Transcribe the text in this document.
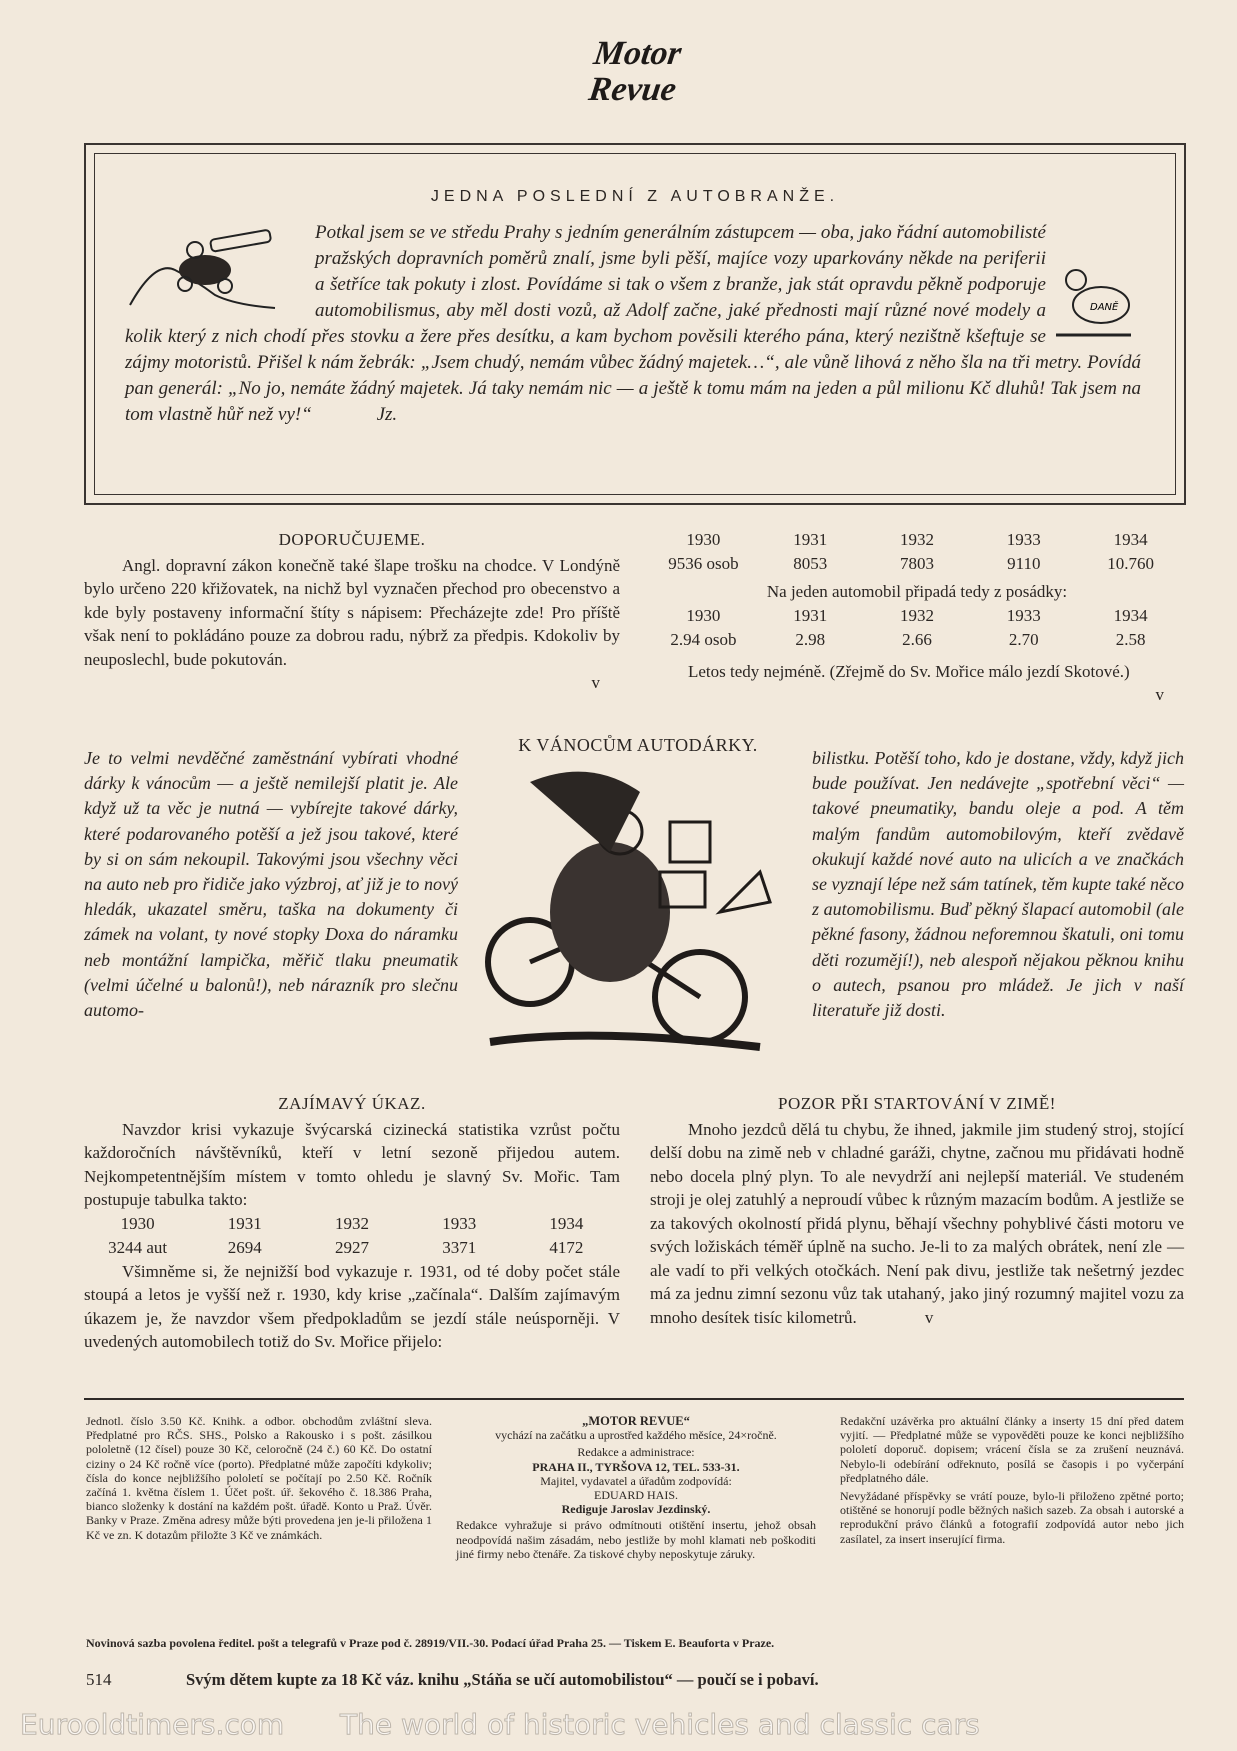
Motor
Revue
JEDNA POSLEDNÍ Z AUTOBRANŽE.
DANĚ
Potkal jsem se ve středu Prahy s jedním generálním zástupcem — oba, jako řádní automobilisté pražských dopravních poměrů znalí, jsme byli pěší, majíce vozy uparkovány někde na periferii a šetříce tak pokuty i zlost. Povídáme si tak o všem z branže, jak stát opravdu pěkně podporuje automobilismus, aby měl dosti vozů, až Adolf začne, jaké přednosti mají různé nové modely a kolik který z nich chodí přes stovku a žere přes desítku, a kam bychom pověsili kterého pána, který nezištně kšeftuje se zájmy motoristů. Přišel k nám žebrák: „Jsem chudý, nemám vůbec žádný majetek…“, ale vůně lihová z něho šla na tři metry. Povídá pan generál: „No jo, nemáte žádný majetek. Já taky nemám nic — a ještě k tomu mám na jeden a půl milionu Kč dluhů! Tak jsem na tom vlastně hůř než vy!“	Jz.
DOPORUČUJEME.

Angl. dopravní zákon konečně také šlape trošku na chodce. V Londýně bylo určeno 220 křižovatek, na nichž byl vyznačen přechod pro obecenstvo a kde byly postaveny informační štíty s nápisem: Přecházejte zde! Pro příště však není to pokládáno pouze za dobrou radu, nýbrž za předpis. Kdokoliv by neuposlechl, bude pokutován.

v
1930	1931	1932	1933	1934
9536 osob	8053	7803	9110	10.760
Na jeden automobil připadá tedy z posádky:
1930	1931	1932	1933	1934
2.94 osob	2.98	2.66	2.70	2.58

Letos tedy nejméně. (Zřejmě do Sv. Mořice málo jezdí Skotové.)

v
Je to velmi nevděčné zaměstnání vybírati vhodné dárky k vánocům — a ještě nemilejší platit je. Ale když už ta věc je nutná — vybírejte takové dárky, které podarovaného potěší a jež jsou takové, které by si on sám nekoupil. Takovými jsou všechny věci na auto neb pro řidiče jako výzbroj, ať již je to nový hledák, ukazatel směru, taška na dokumenty či zámek na volant, ty nové stopky Doxa do náramku neb montážní lampička, měřič tlaku pneumatik (velmi účelné u balonů!), neb nárazník pro slečnu automo-
K VÁNOCŮM AUTODÁRKY.
bilistku. Potěší toho, kdo je dostane, vždy, když jich bude používat. Jen nedávejte „spotřební věci“ — takové pneumatiky, bandu oleje a pod. A těm malým fandům automobilovým, kteří zvědavě okukují každé nové auto na ulicích a ve značkách se vyznají lépe než sám tatínek, těm kupte také něco z automobilismu. Buď pěkný šlapací automobil (ale pěkné fasony, žádnou neforemnou škatuli, oni tomu děti rozumějí!), neb alespoň nějakou pěknou knihu o autech, psanou pro mládež. Je jich v naší literatuře již dosti.
ZAJÍMAVÝ ÚKAZ.

Navzdor krisi vykazuje švýcarská cizinecká statistika vzrůst počtu každoročních návštěvníků, kteří v letní sezoně přijedou autem. Nejkompetentnějším místem v tomto ohledu je slavný Sv. Mořic. Tam postupuje tabulka takto:

1930	1931	1932	1933	1934
3244 aut	2694	2927	3371	4172

Všimněme si, že nejnižší bod vykazuje r. 1931, od té doby počet stále stoupá a letos je vyšší než r. 1930, kdy krise „začínala“. Dalším zajímavým úkazem je, že navzdor všem předpokladům se jezdí stále neúsporněji. V uvedených automobilech totiž do Sv. Mořice přijelo:

POZOR PŘI STARTOVÁNÍ V ZIMĚ!

Mnoho jezdců dělá tu chybu, že ihned, jakmile jim studený stroj, stojící delší dobu na zimě neb v chladné garáži, chytne, začnou mu přidávati hodně nebo docela plný plyn. To ale nevydrží ani nejlepší materiál. Ve studeném stroji je olej zatuhlý a neproudí vůbec k různým mazacím bodům. A jestliže se za takových okolností přidá plynu, běhají všechny pohyblivé části motoru ve svých ložiskách téměř úplně na sucho. Je-li to za malých obrátek, není zle — ale vadí to při velkých otočkách. Není pak divu, jestliže tak nešetrný jezdec má za jednu zimní sezonu vůz tak utahaný, jako jiný rozumný majitel vozu za mnoho desítek tisíc kilometrů.	v

Jednotl. číslo 3.50 Kč. Knihk. a odbor. obchodům zvláštní sleva. Předplatné pro RČS. SHS., Polsko a Rakousko i s pošt. zásilkou pololetně (12 čísel) pouze 30 Kč, celoročně (24 č.) 60 Kč. Do ostatní ciziny o 24 Kč ročně více (porto). Předplatné může započíti kdykoliv; čísla do konce nejbližšího pololetí se počítají po 2.50 Kč. Ročník začíná 1. května číslem 1. Účet pošt. úř. šekového č. 18.386 Praha, bianco složenky k dostání na každém pošt. úřadě. Konto u Praž. Úvěr. Banky v Praze. Změna adresy může býti provedena jen je-li přiložena 1 Kč ve zn. K dotazům přiložte 3 Kč ve známkách.

„MOTOR REVUE“

vychází na začátku a uprostřed každého měsíce, 24×ročně.

Redakce a administrace:

PRAHA II., TYRŠOVA 12, TEL. 533-31.

Majitel, vydavatel a úřadům zodpovídá:

EDUARD HAIS.

Rediguje Jaroslav Jezdinský.

Redakce vyhražuje si právo odmítnouti otištění insertu, jehož obsah neodpovídá našim zásadám, nebo jestliže by mohl klamati neb poškoditi jiné firmy nebo čtenáře. Za tiskové chyby neposkytuje záruky.

Redakční uzávěrka pro aktuální články a inserty 15 dní před datem vyjití. — Předplatné může se vypověděti pouze ke konci nejbližšího pololetí doporuč. dopisem; vrácení čísla se za zrušení neuznává. Nebylo-li odebírání odřeknuto, posílá se časopis i po vyčerpání předplatného dále.

Nevyžádané příspěvky se vrátí pouze, bylo-li přiloženo zpětné porto; otištěné se honorují podle běžných našich sazeb. Za obsah i autorské a reprodukční právo článků a fotografií zodpovídá autor nebo jich zasílatel, za insert inserující firma.

Novinová sazba povolena ředitel. pošt a telegrafů v Praze pod č. 28919/VII.-30. Podací úřad Praha 25. — Tiskem E. Beauforta v Praze.
514	Svým dětem kupte za 18 Kč váz. knihu „Stáňa se učí automobilistou“ — poučí se i pobaví.
Eurooldtimers.com The world of historic vehicles and classic cars
